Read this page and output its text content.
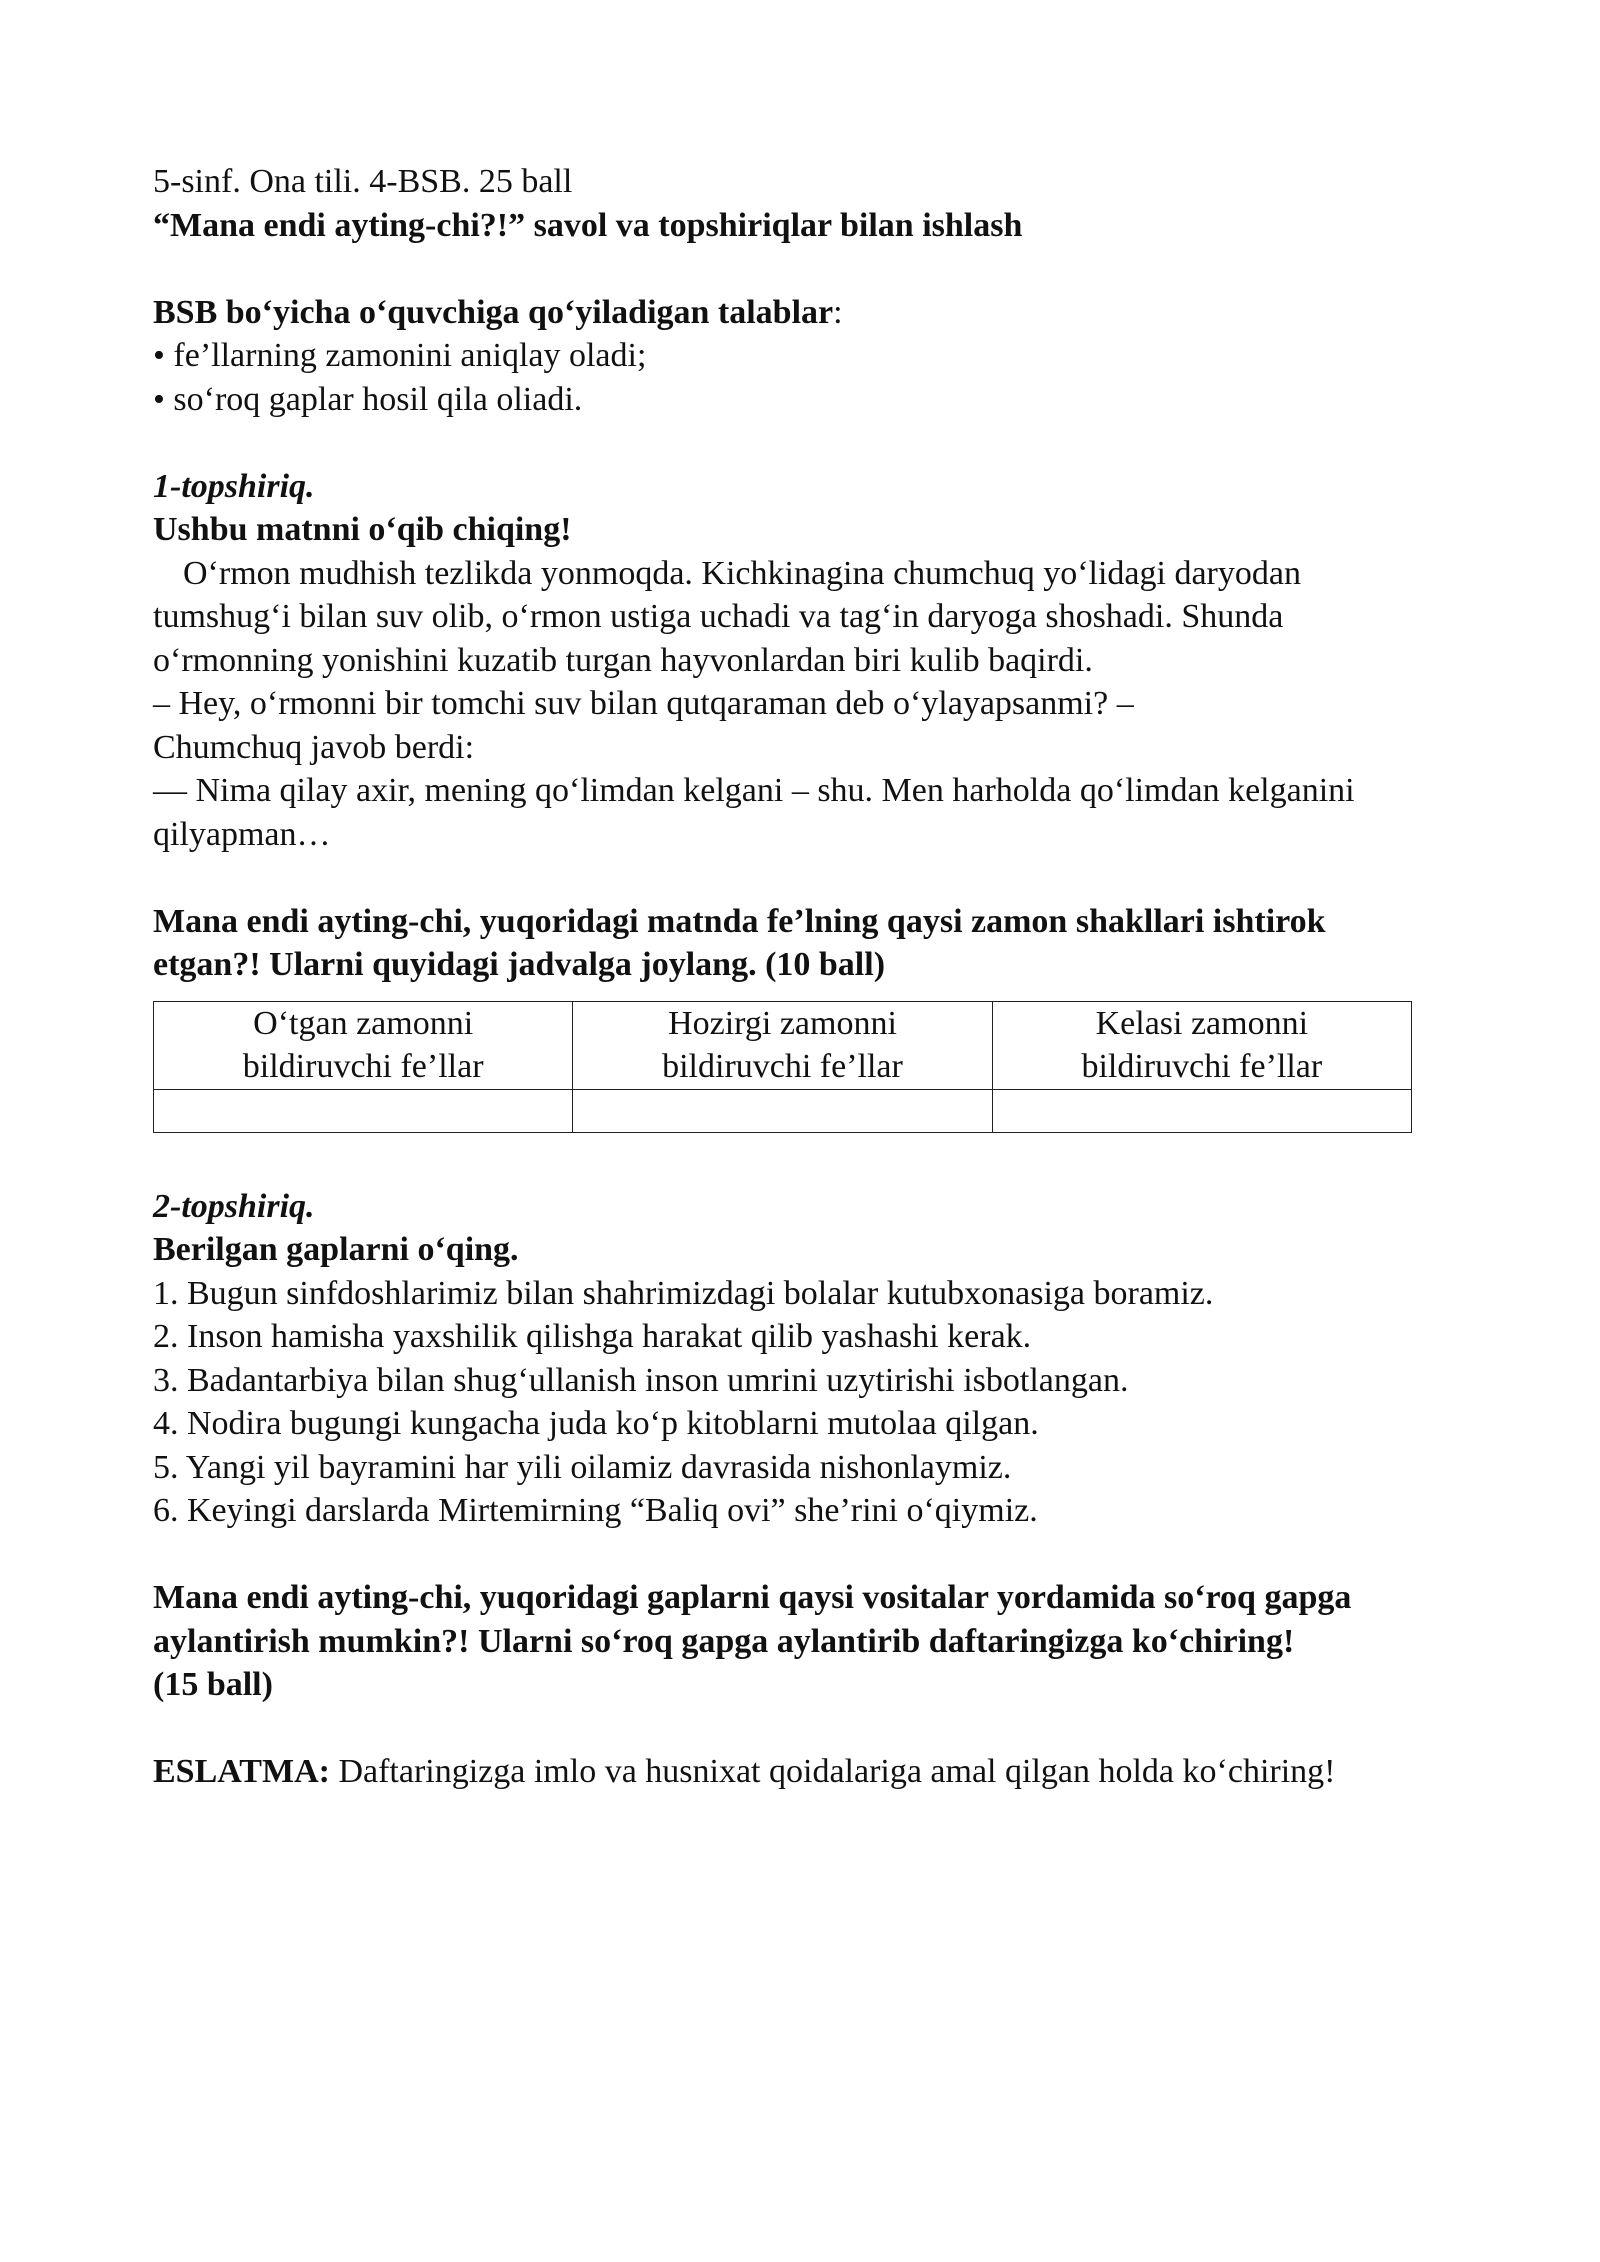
5-sinf. Ona tili. 4-BSB. 25 ball
“Mana endi ayting-chi?!” savol va topshiriqlar bilan ishlash
BSB bo‘yicha o‘quvchiga qo‘yiladigan talablar:
• fe’llarning zamonini aniqlay oladi;
• so‘roq gaplar hosil qila oliadi.
1-topshiriq.
Ushbu matnni o‘qib chiqing!
O‘rmon mudhish tezlikda yonmoqda. Kichkinagina chumchuq yo‘lidagi daryodan
tumshug‘i bilan suv olib, o‘rmon ustiga uchadi va tag‘in daryoga shoshadi. Shunda
o‘rmonning yonishini kuzatib turgan hayvonlardan biri kulib baqirdi.
– Hey, o‘rmonni bir tomchi suv bilan qutqaraman deb o‘ylayapsanmi? –
Chumchuq javob berdi:
— Nima qilay axir, mening qo‘limdan kelgani – shu. Men harholda qo‘limdan kelganini
qilyapman…
Mana endi ayting-chi, yuqoridagi matnda fe’lning qaysi zamon shakllari ishtirok
etgan?! Ularni quyidagi jadvalga joylang. (10 ball)
O‘tgan zamonni
bildiruvchi fe’llar	Hozirgi zamonni
bildiruvchi fe’llar	Kelasi zamonni
bildiruvchi fe’llar

2-topshiriq.
Berilgan gaplarni o‘qing.
1. Bugun sinfdoshlarimiz bilan shahrimizdagi bolalar kutubxonasiga boramiz.
2. Inson hamisha yaxshilik qilishga harakat qilib yashashi kerak.
3. Badantarbiya bilan shug‘ullanish inson umrini uzytirishi isbotlangan.
4. Nodira bugungi kungacha juda ko‘p kitoblarni mutolaa qilgan.
5. Yangi yil bayramini har yili oilamiz davrasida nishonlaymiz.
6. Keyingi darslarda Mirtemirning “Baliq ovi” she’rini o‘qiymiz.
Mana endi ayting-chi, yuqoridagi gaplarni qaysi vositalar yordamida so‘roq gapga
aylantirish mumkin?! Ularni so‘roq gapga aylantirib daftaringizga ko‘chiring!
(15 ball)
ESLATMA: Daftaringizga imlo va husnixat qoidalariga amal qilgan holda ko‘chiring!
